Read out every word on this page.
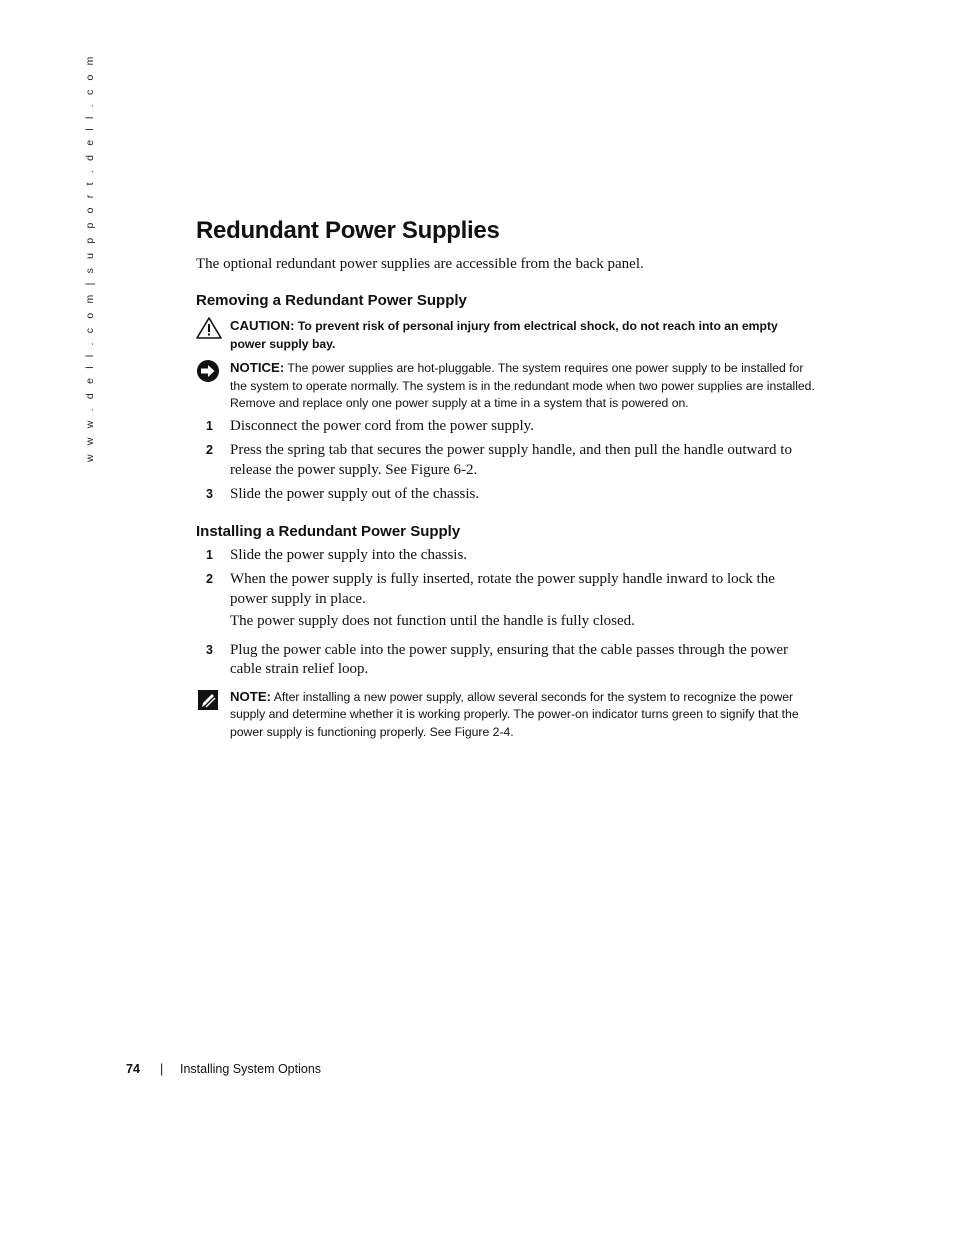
w w w . d e l l . c o m | s u p p o r t . d e l l . c o m	Redundant Power Supplies

The optional redundant power supplies are accessible from the back panel.

Removing a Redundant Power Supply
CAUTION: To prevent risk of personal injury from electrical shock, do not reach into an empty power supply bay.
NOTICE: The power supplies are hot-pluggable. The system requires one power supply to be installed for the system to operate normally. The system is in the redundant mode when two power supplies are installed. Remove and replace only one power supply at a time in a system that is powered on.
1 Disconnect the power cord from the power supply.
2 Press the spring tab that secures the power supply handle, and then pull the handle outward to release the power supply. See Figure 6-2.
3 Slide the power supply out of the chassis.
Installing a Redundant Power Supply
1 Slide the power supply into the chassis.
2 When the power supply is fully inserted, rotate the power supply handle inward to lock the power supply in place.

The power supply does not function until the handle is fully closed.

3 Plug the power cable into the power supply, ensuring that the cable passes through the power cable strain relief loop.
NOTE: After installing a new power supply, allow several seconds for the system to recognize the power supply and determine whether it is working properly. The power-on indicator turns green to signify that the power supply is functioning properly. See Figure 2-4.
74	|	Installing System Options
